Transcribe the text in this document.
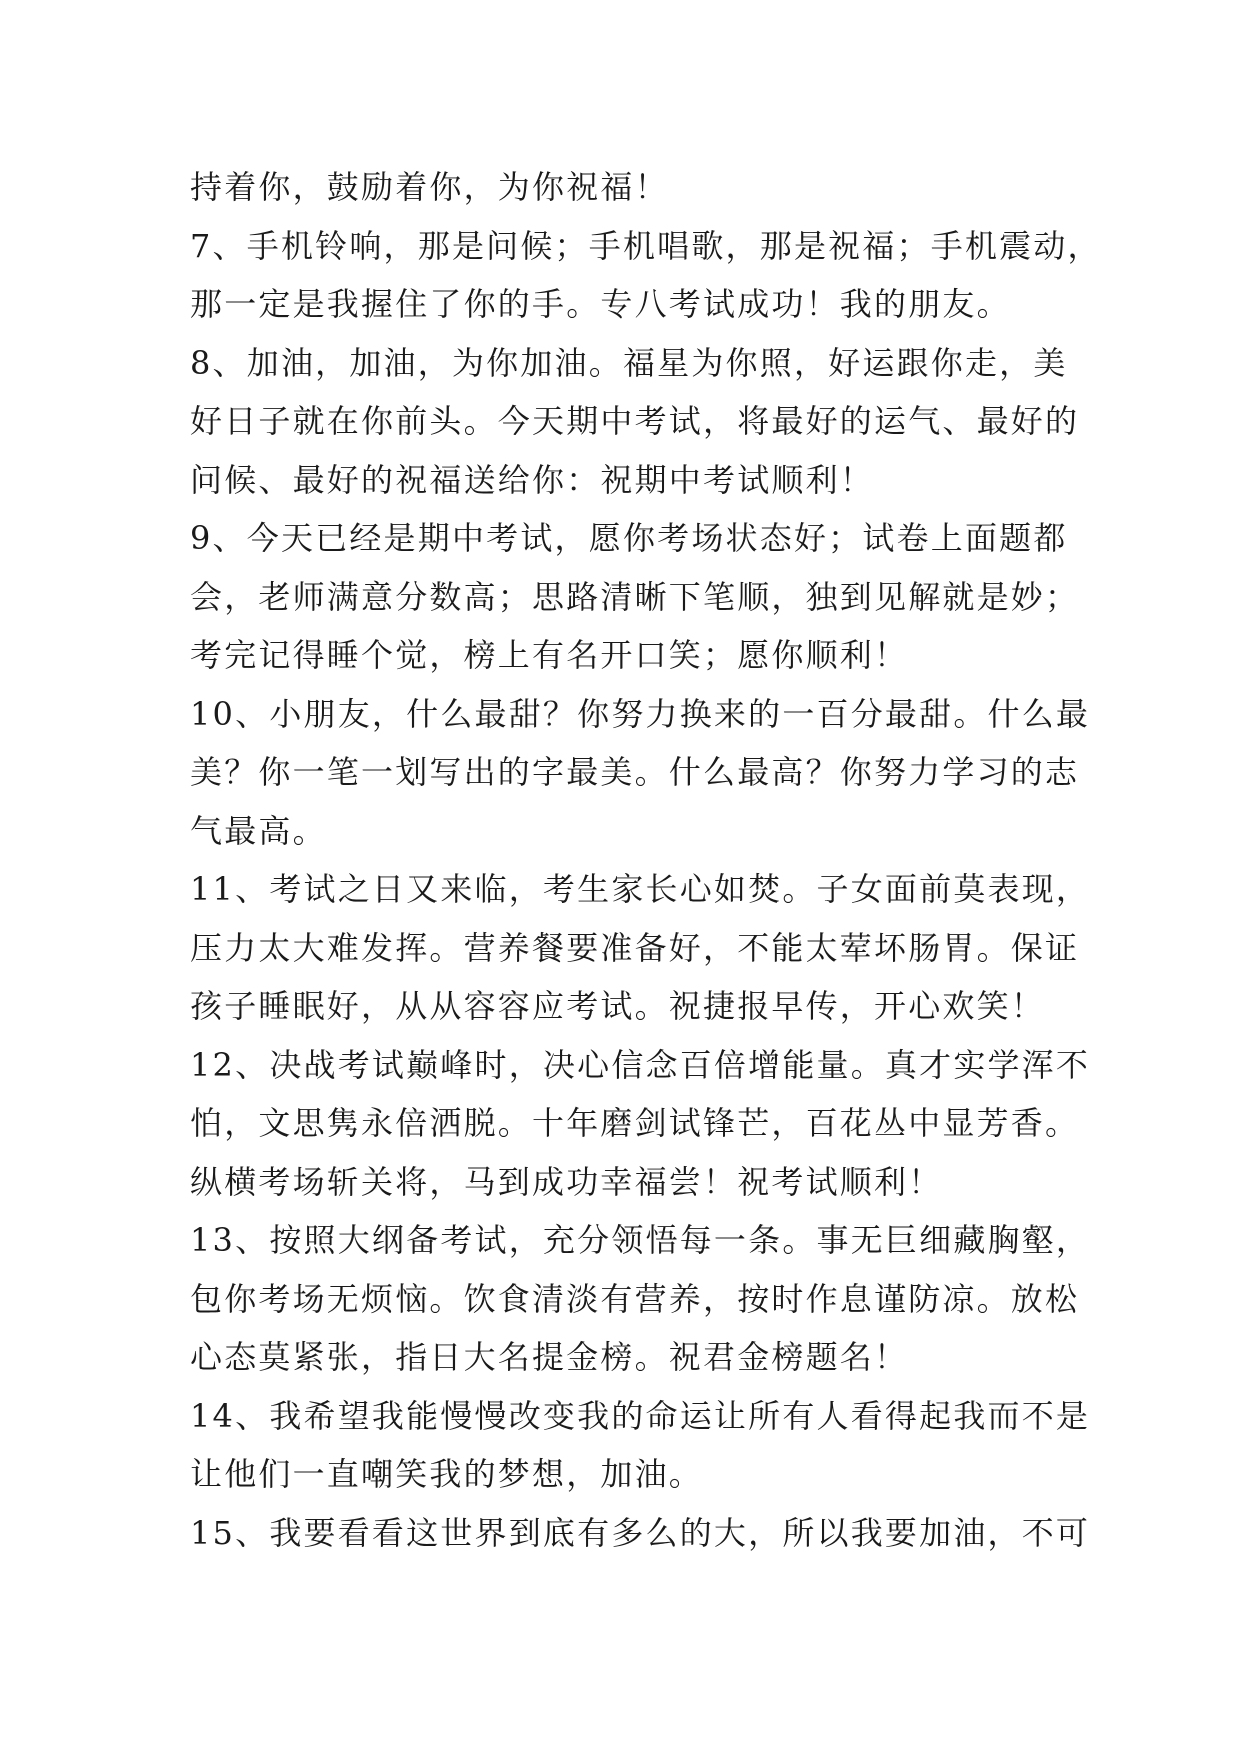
持着你，鼓励着你，为你祝福！
7、手机铃响，那是问候；手机唱歌，那是祝福；手机震动，
那一定是我握住了你的手。专八考试成功！我的朋友。
8、加油，加油，为你加油。福星为你照，好运跟你走，美
好日子就在你前头。今天期中考试，将最好的运气、最好的
问候、最好的祝福送给你：祝期中考试顺利！
9、今天已经是期中考试，愿你考场状态好；试卷上面题都
会，老师满意分数高；思路清晰下笔顺，独到见解就是妙；
考完记得睡个觉，榜上有名开口笑；愿你顺利！
10、小朋友，什么最甜？你努力换来的一百分最甜。什么最
美？你一笔一划写出的字最美。什么最高？你努力学习的志
气最高。
11、考试之日又来临，考生家长心如焚。子女面前莫表现，
压力太大难发挥。营养餐要准备好，不能太荤坏肠胃。保证
孩子睡眠好，从从容容应考试。祝捷报早传，开心欢笑！
12、决战考试巅峰时，决心信念百倍增能量。真才实学浑不
怕，文思隽永倍洒脱。十年磨剑试锋芒，百花丛中显芳香。
纵横考场斩关将，马到成功幸福尝！祝考试顺利！
13、按照大纲备考试，充分领悟每一条。事无巨细藏胸壑，
包你考场无烦恼。饮食清淡有营养，按时作息谨防凉。放松
心态莫紧张，指日大名提金榜。祝君金榜题名！
14、我希望我能慢慢改变我的命运让所有人看得起我而不是
让他们一直嘲笑我的梦想，加油。
15、我要看看这世界到底有多么的大，所以我要加油，不可
